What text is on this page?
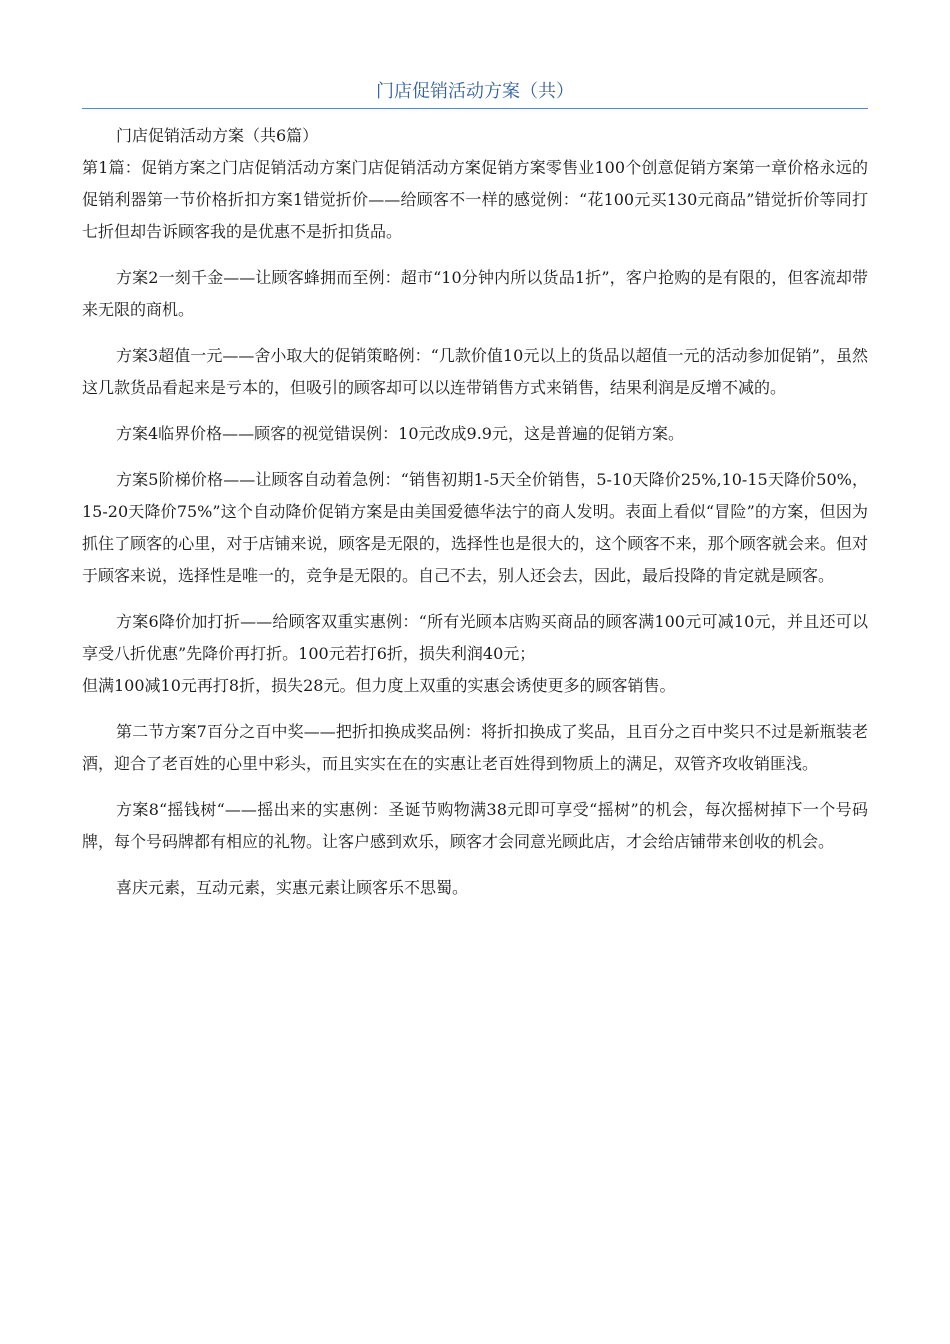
门店促销活动方案（共）

门店促销活动方案（共6篇）

第1篇：促销方案之门店促销活动方案门店促销活动方案促销方案零售业100个创意促销方案第一章价格永远的促销利器第一节价格折扣方案1错觉折价——给顾客不一样的感觉例：“花100元买130元商品”错觉折价等同打七折但却告诉顾客我的是优惠不是折扣货品。

方案2一刻千金——让顾客蜂拥而至例：超市“10分钟内所以货品1折”，客户抢购的是有限的，但客流却带来无限的商机。

方案3超值一元——舍小取大的促销策略例：“几款价值10元以上的货品以超值一元的活动参加促销”，虽然这几款货品看起来是亏本的，但吸引的顾客却可以以连带销售方式来销售，结果利润是反增不减的。

方案4临界价格——顾客的视觉错误例：10元改成9.9元，这是普遍的促销方案。

方案5阶梯价格——让顾客自动着急例：“销售初期1-5天全价销售，5-10天降价25%,10-15天降价50%，15-20天降价75%”这个自动降价促销方案是由美国爱德华法宁的商人发明。表面上看似“冒险”的方案，但因为抓住了顾客的心里，对于店铺来说，顾客是无限的，选择性也是很大的，这个顾客不来，那个顾客就会来。但对于顾客来说，选择性是唯一的，竞争是无限的。自己不去，别人还会去，因此，最后投降的肯定就是顾客。

方案6降价加打折——给顾客双重实惠例：“所有光顾本店购买商品的顾客满100元可减10元，并且还可以享受八折优惠”先降价再打折。100元若打6折，损失利润40元；

但满100减10元再打8折，损失28元。但力度上双重的实惠会诱使更多的顾客销售。

第二节方案7百分之百中奖——把折扣换成奖品例：将折扣换成了奖品，且百分之百中奖只不过是新瓶装老酒，迎合了老百姓的心里中彩头，而且实实在在的实惠让老百姓得到物质上的满足，双管齐攻收销匪浅。

方案8“摇钱树“——摇出来的实惠例：圣诞节购物满38元即可享受“摇树”的机会，每次摇树掉下一个号码牌，每个号码牌都有相应的礼物。让客户感到欢乐，顾客才会同意光顾此店，才会给店铺带来创收的机会。

喜庆元素，互动元素，实惠元素让顾客乐不思蜀。
